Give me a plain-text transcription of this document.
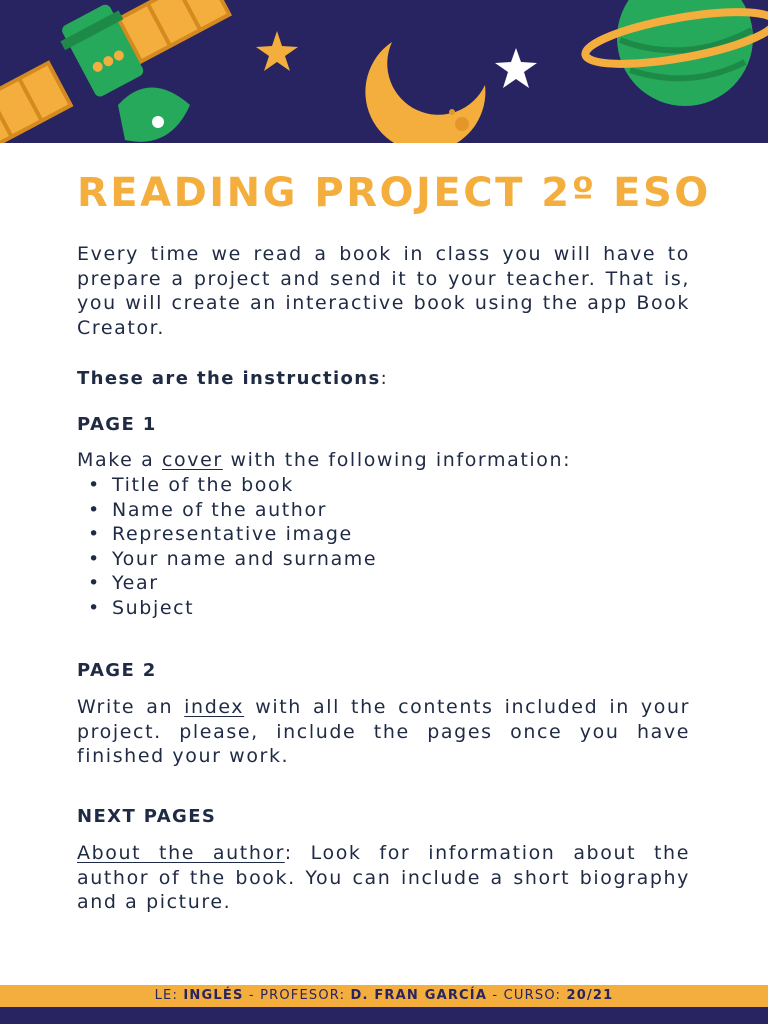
READING PROJECT 2º ESO

Every time we read a book in class you will have to prepare a project and send it to your teacher. That is, you will create an interactive book using the app Book Creator.

These are the instructions:

PAGE 1

Make a cover with the following information:

• Title of the book
• Name of the author
• Representative image
• Your name and surname
• Year
• Subject

PAGE 2

Write an index with all the contents included in your project. please, include the pages once you have finished your work.

NEXT PAGES

About the author: Look for information about the author of the book. You can include a short biography and a picture.

LE: INGLÉS - PROFESOR: D. FRAN GARCÍA - CURSO: 20/21
